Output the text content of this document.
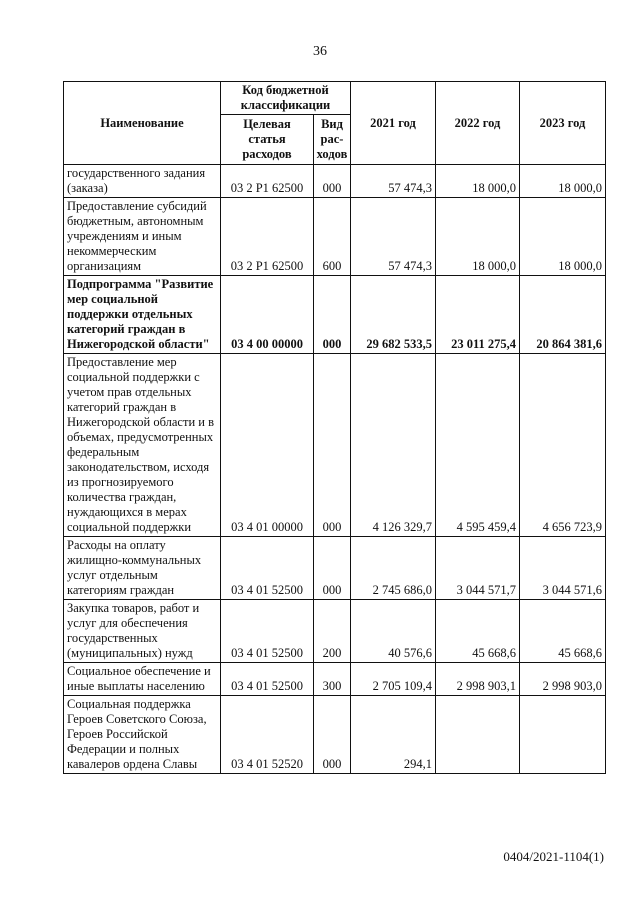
36
Наименование	Код бюджетной классификации		2021 год	2022 год	2023 год
	Целевая статья расходов	Вид рас-ходов			
государственного задания (заказа)	03 2 P1 62500	000	57 474,3	18 000,0	18 000,0
Предоставление субсидий бюджетным, автономным учреждениям и иным некоммерческим организациям	03 2 P1 62500	600	57 474,3	18 000,0	18 000,0
Подпрограмма "Развитие мер социальной поддержки отдельных категорий граждан в Нижегородской области"	03 4 00 00000	000	29 682 533,5	23 011 275,4	20 864 381,6
Предоставление мер социальной поддержки с учетом прав отдельных категорий граждан в Нижегородской области и в объемах, предусмотренных федеральным законодательством, исходя из прогнозируемого количества граждан, нуждающихся в мерах социальной поддержки	03 4 01 00000	000	4 126 329,7	4 595 459,4	4 656 723,9
Расходы на оплату жилищно-коммунальных услуг отдельным категориям граждан	03 4 01 52500	000	2 745 686,0	3 044 571,7	3 044 571,6
Закупка товаров, работ и услуг для обеспечения государственных (муниципальных) нужд	03 4 01 52500	200	40 576,6	45 668,6	45 668,6
Социальное обеспечение и иные выплаты населению	03 4 01 52500	300	2 705 109,4	2 998 903,1	2 998 903,0
Социальная поддержка Героев Советского Союза, Героев Российской Федерации и полных кавалеров ордена Славы	03 4 01 52520	000	294,1		
0404/2021-1104(1)
